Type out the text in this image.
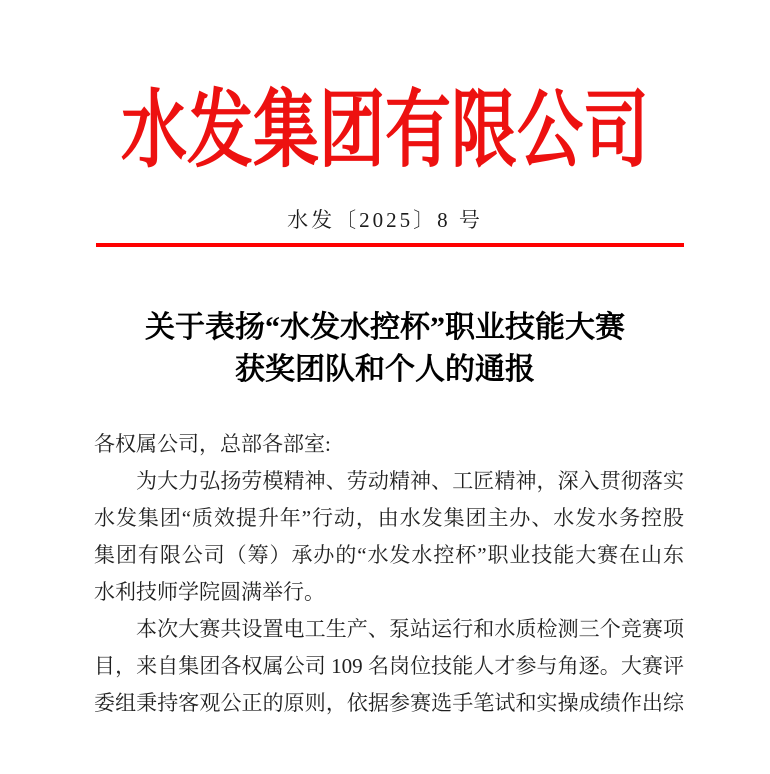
水发集团有限公司
水发〔2025〕8 号
关于表扬“水发水控杯”职业技能大赛
获奖团队和个人的通报
各权属公司，总部各部室:
为大力弘扬劳模精神、劳动精神、工匠精神，深入贯彻落实
水发集团“质效提升年”行动，由水发集团主办、水发水务控股
集团有限公司（筹）承办的“水发水控杯”职业技能大赛在山东
水利技师学院圆满举行。
本次大赛共设置电工生产、泵站运行和水质检测三个竞赛项
目，来自集团各权属公司 109 名岗位技能人才参与角逐。大赛评
委组秉持客观公正的原则，依据参赛选手笔试和实操成绩作出综
